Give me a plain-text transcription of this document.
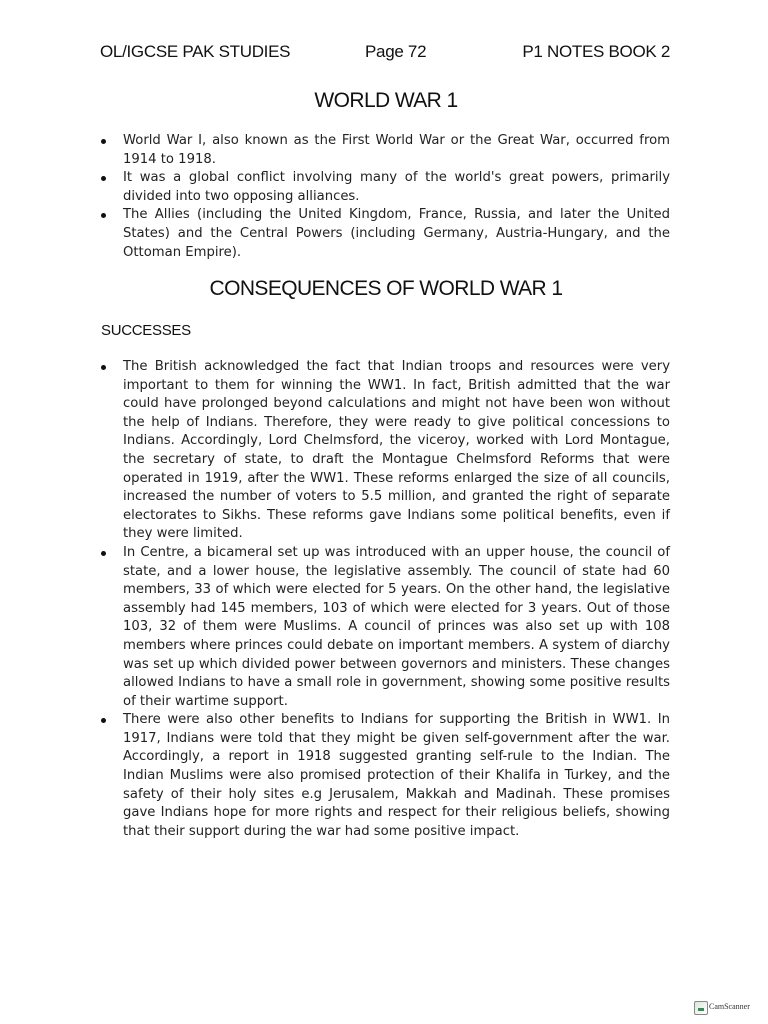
OL/IGCSE PAK STUDIES	Page 72	P1 NOTES BOOK 2
WORLD WAR 1
World War I, also known as the First World War or the Great War, occurred from 1914 to 1918.
It was a global conflict involving many of the world's great powers, primarily divided into two opposing alliances.
The Allies (including the United Kingdom, France, Russia, and later the United States) and the Central Powers (including Germany, Austria-Hungary, and the Ottoman Empire).
CONSEQUENCES OF WORLD WAR 1
SUCCESSES
The British acknowledged the fact that Indian troops and resources were very important to them for winning the WW1. In fact, British admitted that the war could have prolonged beyond calculations and might not have been won without the help of Indians. Therefore, they were ready to give political concessions to Indians. Accordingly, Lord Chelmsford, the viceroy, worked with Lord Montague, the secretary of state, to draft the Montague Chelmsford Reforms that were operated in 1919, after the WW1. These reforms enlarged the size of all councils, increased the number of voters to 5.5 million, and granted the right of separate electorates to Sikhs. These reforms gave Indians some political benefits, even if they were limited.
In Centre, a bicameral set up was introduced with an upper house, the council of state, and a lower house, the legislative assembly. The council of state had 60 members, 33 of which were elected for 5 years. On the other hand, the legislative assembly had 145 members, 103 of which were elected for 3 years. Out of those 103, 32 of them were Muslims. A council of princes was also set up with 108 members where princes could debate on important members. A system of diarchy was set up which divided power between governors and ministers. These changes allowed Indians to have a small role in government, showing some positive results of their wartime support.
There were also other benefits to Indians for supporting the British in WW1. In 1917, Indians were told that they might be given self-government after the war. Accordingly, a report in 1918 suggested granting self-rule to the Indian. The Indian Muslims were also promised protection of their Khalifa in Turkey, and the safety of their holy sites e.g Jerusalem, Makkah and Madinah. These promises gave Indians hope for more rights and respect for their religious beliefs, showing that their support during the war had some positive impact.
CamScanner
